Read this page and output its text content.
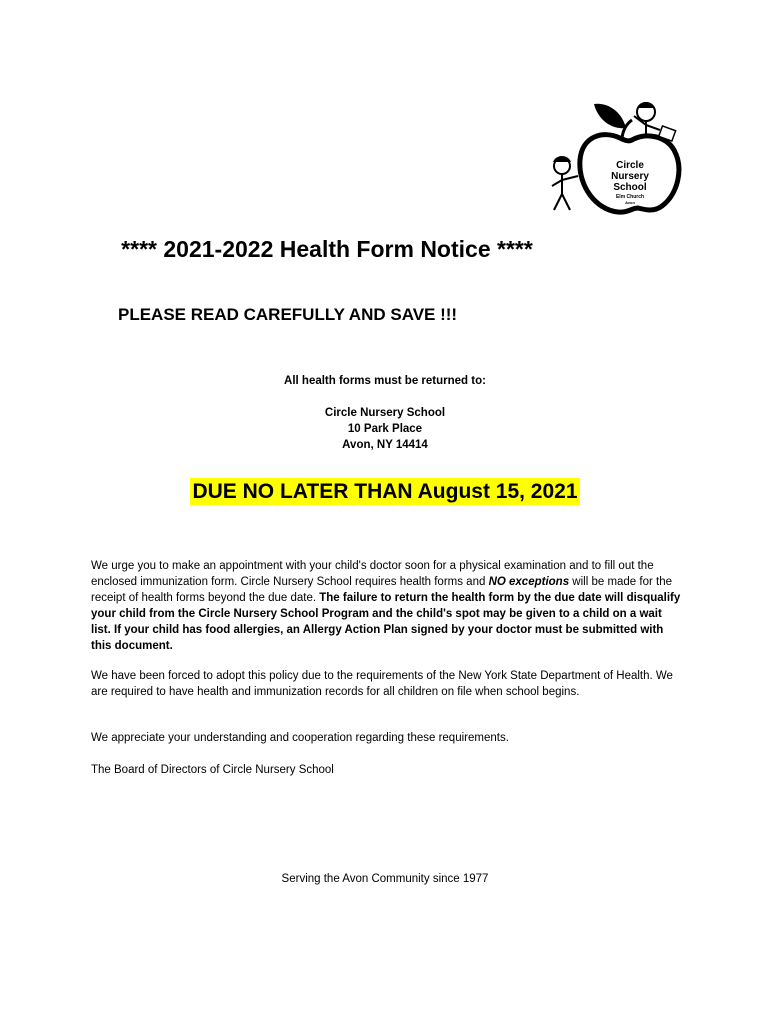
Circle
Nursery
School
Elm Church
Avon
**** 2021-2022 Health Form Notice ****
PLEASE READ CAREFULLY AND SAVE !!!
All health forms must be returned to:
Circle Nursery School
10 Park Place
Avon, NY 14414
DUE NO LATER THAN August 15, 2021
We urge you to make an appointment with your child's doctor soon for a physical examination and to fill out the enclosed immunization form. Circle Nursery School requires health forms and NO exceptions will be made for the receipt of health forms beyond the due date. The failure to return the health form by the due date will disqualify your child from the Circle Nursery School Program and the child's spot may be given to a child on a wait list. If your child has food allergies, an Allergy Action Plan signed by your doctor must be submitted with this document.
We have been forced to adopt this policy due to the requirements of the New York State Department of Health. We are required to have health and immunization records for all children on file when school begins.
We appreciate your understanding and cooperation regarding these requirements.
The Board of Directors of Circle Nursery School
Serving the Avon Community since 1977
